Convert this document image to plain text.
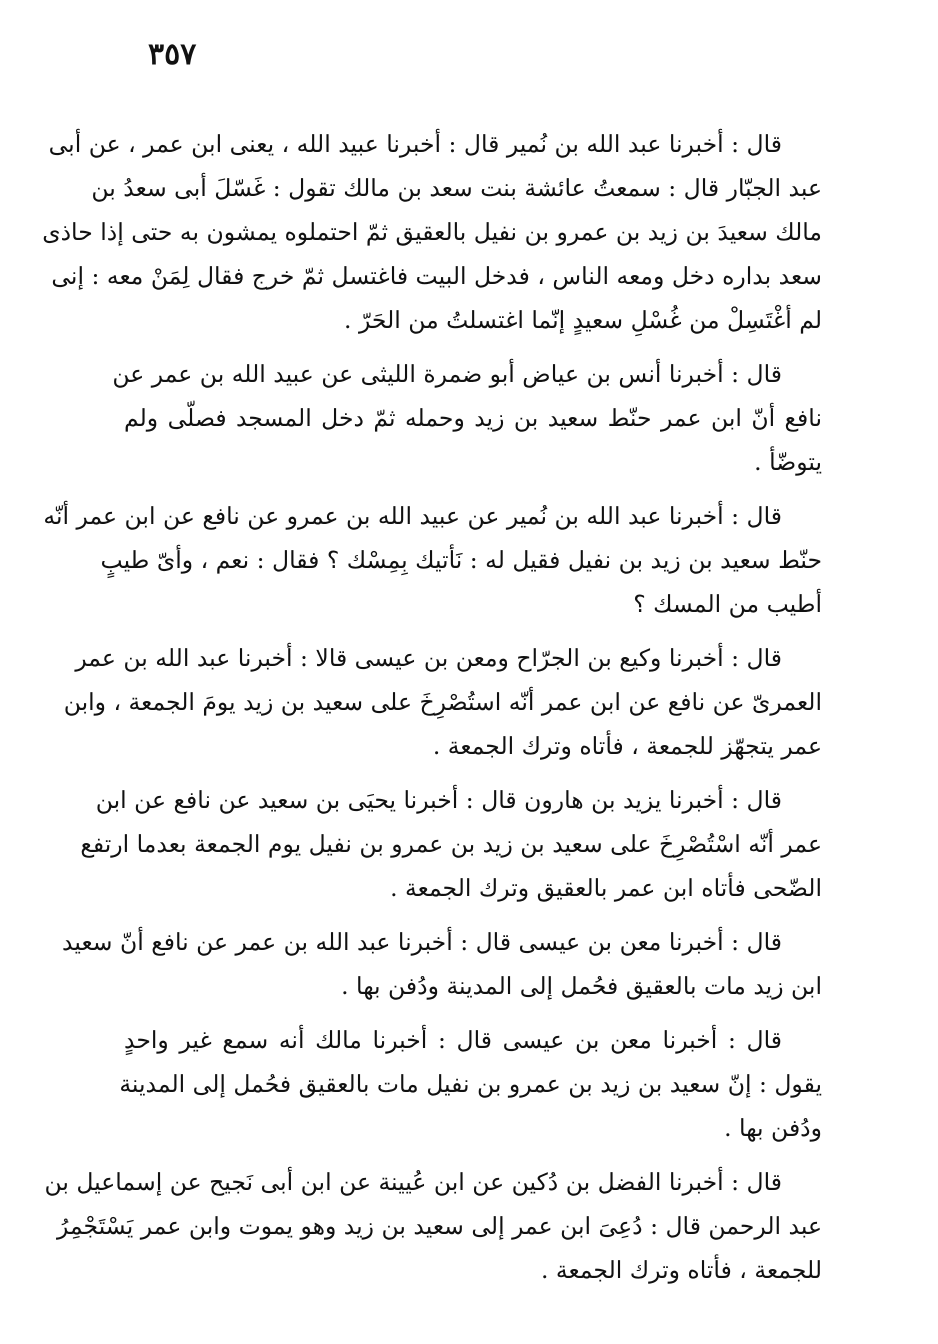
٣٥٧
قال : أخبرنا عبد الله بن نُمير قال : أخبرنا عبيد الله ، يعنى ابن عمر ، عن أبى
عبد الجبّار قال : سمعتُ عائشة بنت سعد بن مالك تقول : غَسّلَ أبى سعدُ بن
مالك سعيدَ بن زيد بن عمرو بن نفيل بالعقيق ثمّ احتملوه يمشون به حتى إذا حاذى
سعد بداره دخل ومعه الناس ، فدخل البيت فاغتسل ثمّ خرج فقال لِمَنْ معه : إنى
لم أغْتَسِلْ من غُسْلِ سعيدٍ إنّما اغتسلتُ من الحَرّ .
قال : أخبرنا أنس بن عياض أبو ضمرة الليثى عن عبيد الله بن عمر عن
نافع أنّ ابن عمر حنّط سعيد بن زيد وحمله ثمّ دخل المسجد فصلّى ولم
يتوضّأ .
قال : أخبرنا عبد الله بن نُمير عن عبيد الله بن عمرو عن نافع عن ابن عمر أنّه
حنّط سعيد بن زيد بن نفيل فقيل له : نَأتيك بِمِسْك ؟ فقال : نعم ، وأىّ طيبٍ
أطيب من المسك ؟
قال : أخبرنا وكيع بن الجرّاح ومعن بن عيسى قالا : أخبرنا عبد الله بن عمر
العمرىّ عن نافع عن ابن عمر أنّه استُصْرِخَ على سعيد بن زيد يومَ الجمعة ، وابن
عمر يتجهّز للجمعة ، فأتاه وترك الجمعة .
قال : أخبرنا يزيد بن هارون قال : أخبرنا يحيَى بن سعيد عن نافع عن ابن
عمر أنّه اسْتُصْرِخَ على سعيد بن زيد بن عمرو بن نفيل يوم الجمعة بعدما ارتفع
الضّحى فأتاه ابن عمر بالعقيق وترك الجمعة .
قال : أخبرنا معن بن عيسى قال : أخبرنا عبد الله بن عمر عن نافع أنّ سعيد
ابن زيد مات بالعقيق فحُمل إلى المدينة ودُفن بها .
قال : أخبرنا معن بن عيسى قال : أخبرنا مالك أنه سمع غير واحدٍ
يقول : إنّ سعيد بن زيد بن عمرو بن نفيل مات بالعقيق فحُمل إلى المدينة
ودُفن بها .
قال : أخبرنا الفضل بن دُكين عن ابن عُيينة عن ابن أبى نَجيح عن إسماعيل بن
عبد الرحمن قال : دُعِىَ ابن عمر إلى سعيد بن زيد وهو يموت وابن عمر يَسْتَجْمِرُ
للجمعة ، فأتاه وترك الجمعة .
